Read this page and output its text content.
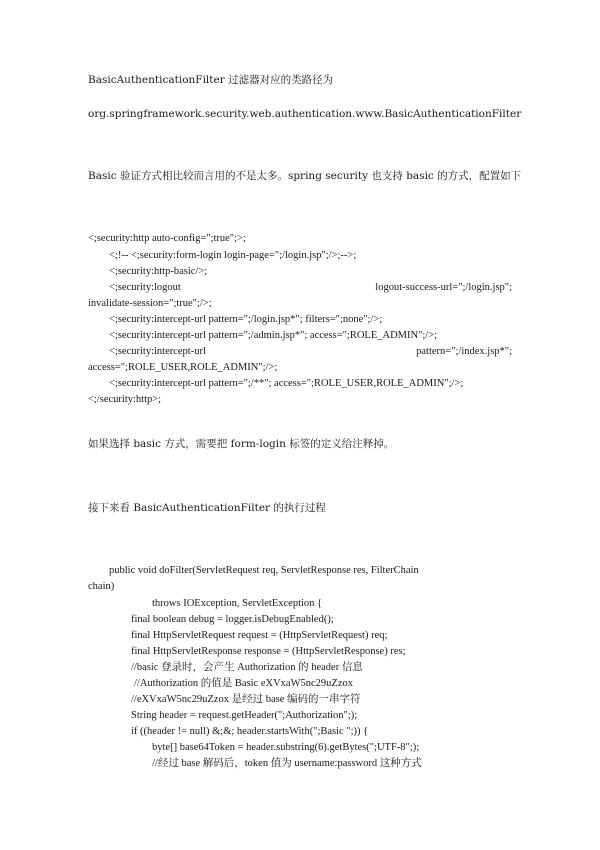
BasicAuthenticationFilter 过滤器对应的类路径为
org.springframework.security.web.authentication.www.BasicAuthenticationFilter
Basic 验证方式相比较而言用的不是太多。spring security 也支持 basic 的方式，配置如下
<;security:http auto-config=";true";>;
<;!-- <;security:form-login login-page=";/login.jsp";/>;-->;
<;security:http-basic/>;
<;security:logout	logout-success-url=";/login.jsp";
invalidate-session=";true";/>;
<;security:intercept-url pattern=";/login.jsp*"; filters=";none";/>;
<;security:intercept-url pattern=";/admin.jsp*"; access=";ROLE_ADMIN";/>;
<;security:intercept-url	pattern=";/index.jsp*";
access=";ROLE_USER,ROLE_ADMIN";/>;
<;security:intercept-url pattern=";/**"; access=";ROLE_USER,ROLE_ADMIN";/>;
<;/security:http>;
如果选择 basic 方式，需要把 form-login 标签的定义给注释掉。
接下来看 BasicAuthenticationFilter 的执行过程
public void doFilter(ServletRequest req, ServletResponse res, FilterChain
chain)
throws IOException, ServletException {
final boolean debug = logger.isDebugEnabled();
final HttpServletRequest request = (HttpServletRequest) req;
final HttpServletResponse response = (HttpServletResponse) res;
//basic 登录时，会产生 Authorization 的 header 信息
//Authorization 的值是 Basic eXVxaW5nc29uZzox
//eXVxaW5nc29uZzox 是经过 base 编码的一串字符
String header = request.getHeader(";Authorization";);
if ((header != null) &;&; header.startsWith(";Basic ";)) {
byte[] base64Token = header.substring(6).getBytes(";UTF-8";);
//经过 base 解码后，token 值为 username:password 这种方式
